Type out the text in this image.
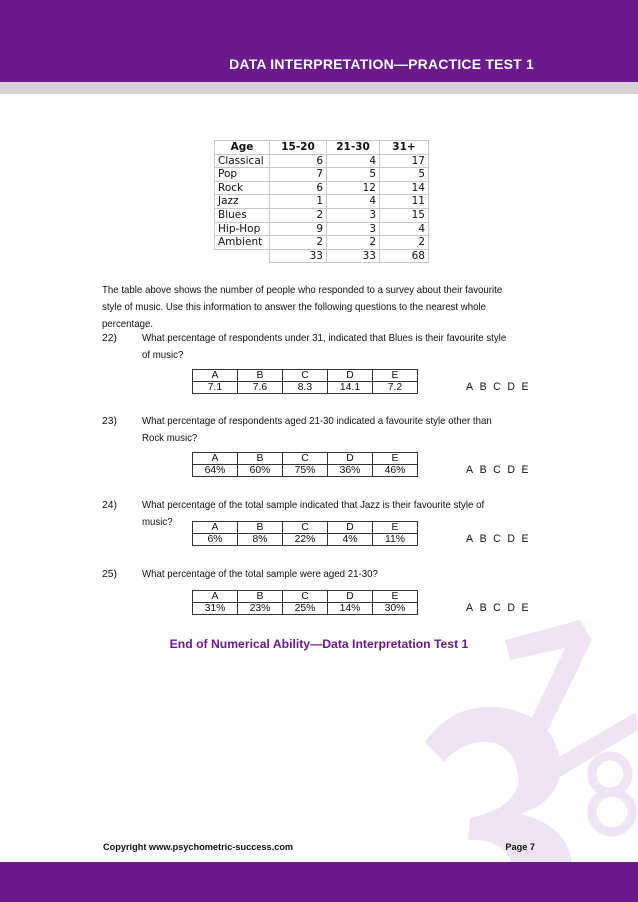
DATA INTERPRETATION—PRACTICE TEST 1
Age	15-20	21-30	31+
Classical	6	4	17
Pop	7	5	5
Rock	6	12	14
Jazz	1	4	11
Blues	2	3	15
Hip-Hop	9	3	4
Ambient	2	2	2
	33	33	68
The table above shows the number of people who responded to a survey about their favourite style of music. Use this information to answer the following questions to the nearest whole percentage.
22) What percentage of respondents under 31, indicated that Blues is their favourite style of music?
A	B	C	D	E
7.1	7.6	8.3	14.1	7.2	A B C D E
23) What percentage of respondents aged 21-30 indicated a favourite style other than Rock music?
A	B	C	D	E
64%	60%	75%	36%	46%	A B C D E
24) What percentage of the total sample indicated that Jazz is their favourite style of music?	A	B	C	D	E
6%	8%	22%	4%	11%	A B C D E
25) What percentage of the total sample were aged 21-30?
A	B	C	D	E
31%	23%	25%	14%	30%	A B C D E
End of Numerical Ability—Data Interpretation Test 1
Copyright www.psychometric-success.com	Page 7
